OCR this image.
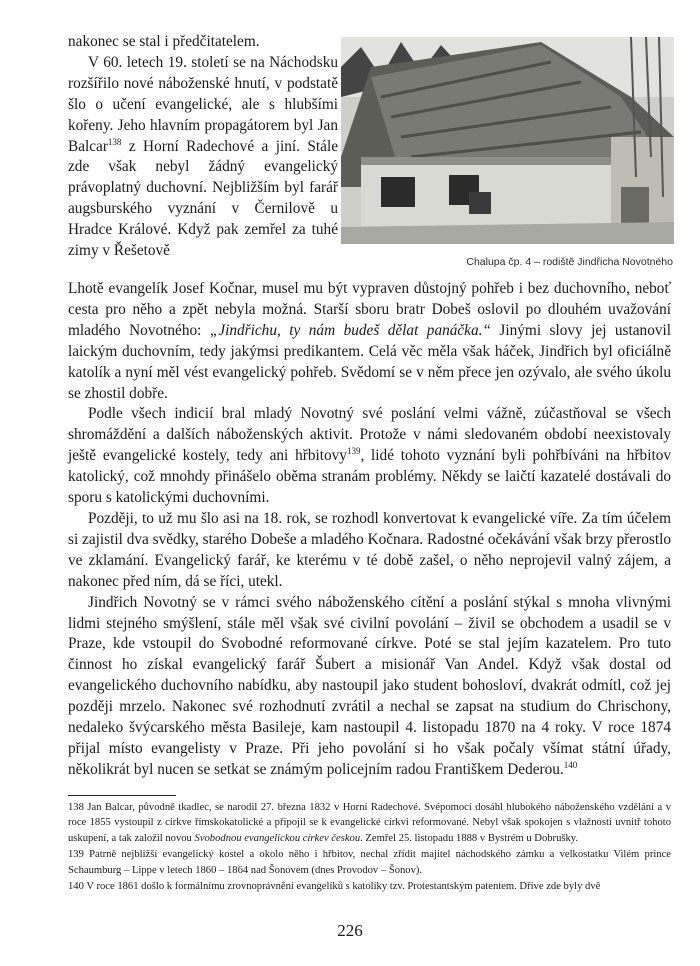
nakonec se stal i předčitatelem.

V 60. letech 19. století se na Náchodsku rozšířilo nové náboženské hnutí, v podstatě šlo o učení evangelické, ale s hlubšími kořeny. Jeho hlavním propagátorem byl Jan Balcar$^{138}$ z Horní Radechové a jiní. Stále zde však nebyl žádný evangelický právoplatný duchovní. Nejbližším byl farář augsburského vyznání v Černilově u Hradce Králové. Když pak zemřel za tuhé zimy v Řešetově

Chalupa čp. 4 – rodiště Jindřicha Novotného

Lhotě evangelík Josef Kočnar, musel mu být vypraven důstojný pohřeb i bez duchovního, neboť cesta pro něho a zpět nebyla možná. Starší sboru bratr Dobeš oslovil po dlouhém uvažování mladého Novotného: „Jindřichu, ty nám budeš dělat panáčka.“ Jinými slovy jej ustanovil laickým duchovním, tedy jakýmsi predikantem. Celá věc měla však háček, Jindřich byl oficiálně katolík a nyní měl vést evangelický pohřeb. Svědomí se v něm přece jen ozývalo, ale svého úkolu se zhostil dobře.

Podle všech indicií bral mladý Novotný své poslání velmi vážně, zúčastňoval se všech shromáždění a dalších náboženských aktivit. Protože v námi sledovaném období neexistovaly ještě evangelické kostely, tedy ani hřbitovy$^{139}$, lidé tohoto vyznání byli pohřbíváni na hřbitov katolický, což mnohdy přinášelo oběma stranám problémy. Někdy se laičtí kazatelé dostávali do sporu s katolickými duchovními.

Později, to už mu šlo asi na 18. rok, se rozhodl konvertovat k evangelické víře. Za tím účelem si zajistil dva svědky, starého Dobeše a mladého Kočnara. Radostné očekávání však brzy přerostlo ve zklamání. Evangelický farář, ke kterému v té době zašel, o něho neprojevil valný zájem, a nakonec před ním, dá se říci, utekl.

Jindřich Novotný se v rámci svého náboženského cítění a poslání stýkal s mnoha vlivnými lidmi stejného smýšlení, stále měl však své civilní povolání – živil se obchodem a usadil se v Praze, kde vstoupil do Svobodné reformované církve. Poté se stal jejím kazatelem. Pro tuto činnost ho získal evangelický farář Šubert a misionář Van Andel. Když však dostal od evangelického duchovního nabídku, aby nastoupil jako student bohosloví, dvakrát odmítl, což jej později mrzelo. Nakonec své rozhodnutí zvrátil a nechal se zapsat na studium do Chrischony, nedaleko švýcarského města Basileje, kam nastoupil 4. listopadu 1870 na 4 roky. V roce 1874 přijal místo evangelisty v Praze. Při jeho povolání si ho však počaly všímat státní úřady, několikrát byl nucen se setkat se známým policejním radou Františkem Dederou.$^{140}$

138 Jan Balcar, původně tkadlec, se narodil 27. března 1832 v Horní Radechové. Svépomocí dosáhl hlubokého náboženského vzdělání a v roce 1855 vystoupil z církve římskokatolické a připojil se k evangelické církvi reformované. Nebyl však spokojen s vlažností uvnitř tohoto uskupení, a tak založil novou Svobodnou evangelickou církev českou. Zemřel 25. listopadu 1888 v Bystrém u Dobrušky.

139 Patrně nejbližší evangelický kostel a okolo něho i hřbitov, nechal zřídit majitel náchodského zámku a velkostatku Vilém prince Schaumburg – Lippe v letech 1860 – 1864 nad Šonovem (dnes Provodov – Šonov).

140 V roce 1861 došlo k formálnímu zrovnoprávnění evangelíků s katolíky tzv. Protestantským patentem. Dříve zde byly dvě

226
